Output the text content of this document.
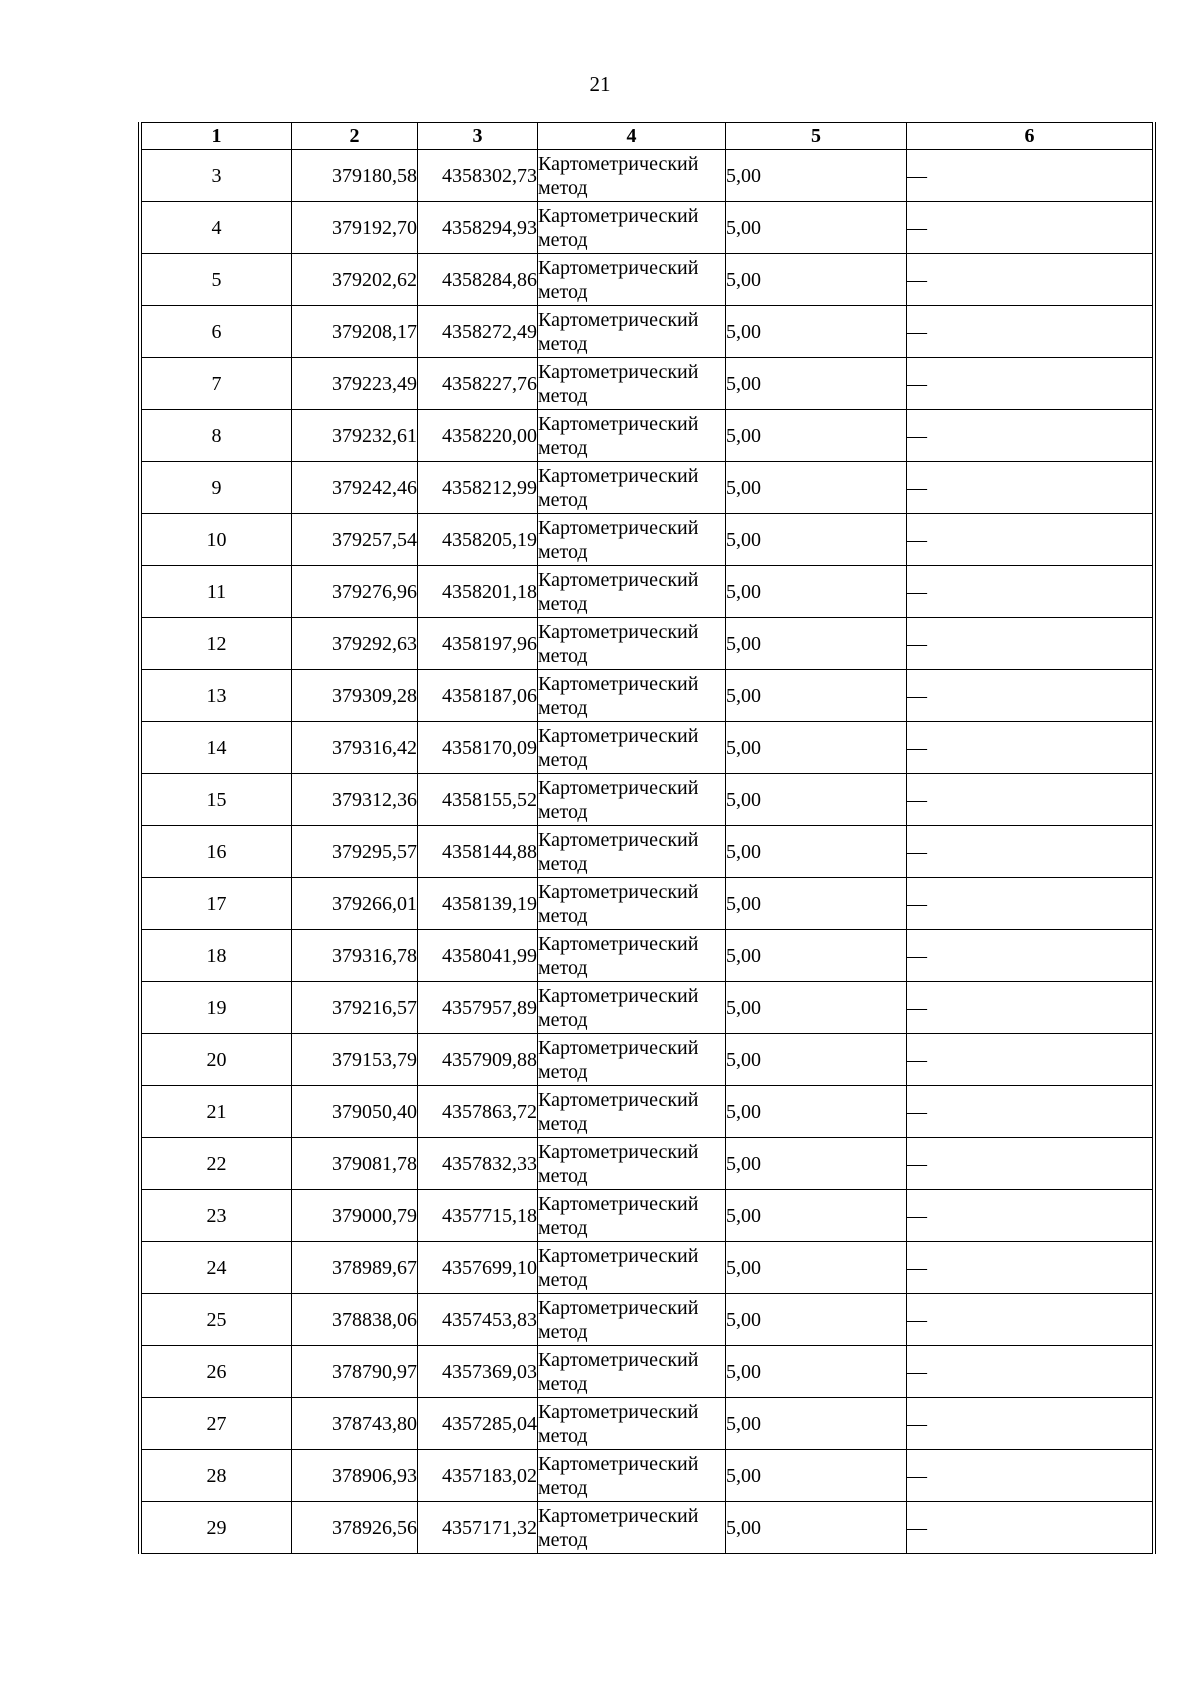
21
1	2	3	4	5	6
3	379180,58	4358302,73	Картометрический метод	5,00	—
4	379192,70	4358294,93	Картометрический метод	5,00	—
5	379202,62	4358284,86	Картометрический метод	5,00	—
6	379208,17	4358272,49	Картометрический метод	5,00	—
7	379223,49	4358227,76	Картометрический метод	5,00	—
8	379232,61	4358220,00	Картометрический метод	5,00	—
9	379242,46	4358212,99	Картометрический метод	5,00	—
10	379257,54	4358205,19	Картометрический метод	5,00	—
11	379276,96	4358201,18	Картометрический метод	5,00	—
12	379292,63	4358197,96	Картометрический метод	5,00	—
13	379309,28	4358187,06	Картометрический метод	5,00	—
14	379316,42	4358170,09	Картометрический метод	5,00	—
15	379312,36	4358155,52	Картометрический метод	5,00	—
16	379295,57	4358144,88	Картометрический метод	5,00	—
17	379266,01	4358139,19	Картометрический метод	5,00	—
18	379316,78	4358041,99	Картометрический метод	5,00	—
19	379216,57	4357957,89	Картометрический метод	5,00	—
20	379153,79	4357909,88	Картометрический метод	5,00	—
21	379050,40	4357863,72	Картометрический метод	5,00	—
22	379081,78	4357832,33	Картометрический метод	5,00	—
23	379000,79	4357715,18	Картометрический метод	5,00	—
24	378989,67	4357699,10	Картометрический метод	5,00	—
25	378838,06	4357453,83	Картометрический метод	5,00	—
26	378790,97	4357369,03	Картометрический метод	5,00	—
27	378743,80	4357285,04	Картометрический метод	5,00	—
28	378906,93	4357183,02	Картометрический метод	5,00	—
29	378926,56	4357171,32	Картометрический метод	5,00	—
